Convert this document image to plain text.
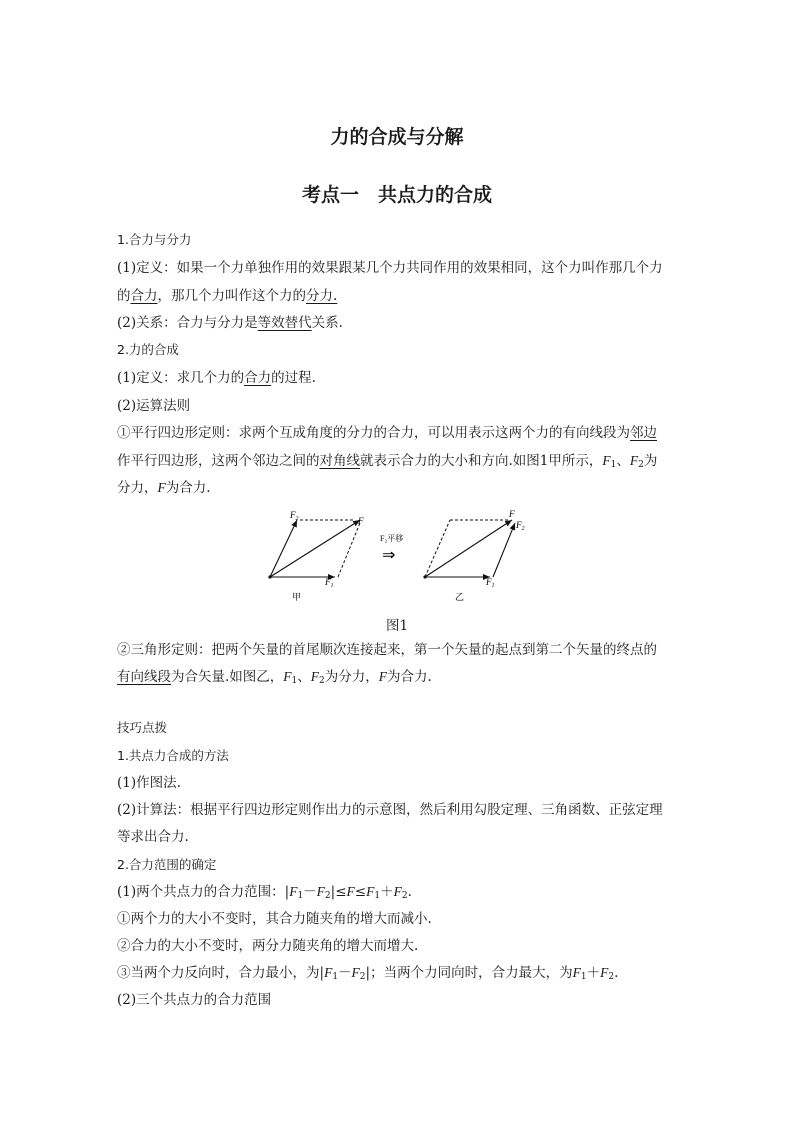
力的合成与分解
考点一　共点力的合成
1.合力与分力
(1)定义：如果一个力单独作用的效果跟某几个力共同作用的效果相同，这个力叫作那几个力
的合力，那几个力叫作这个力的分力.
(2)关系：合力与分力是等效替代关系.
2.力的合成
(1)定义：求几个力的合力的过程.
(2)运算法则
①平行四边形定则：求两个互成角度的分力的合力，可以用表示这两个力的有向线段为邻边
作平行四边形，这两个邻边之间的对角线就表示合力的大小和方向.如图1甲所示，$F_1$、$F_2$为
分力，F为合力.
$F_2$	F
$F_1$
甲
F₂平移
⇒
F
$F_2$
$F_1$
乙
图1
②三角形定则：把两个矢量的首尾顺次连接起来，第一个矢量的起点到第二个矢量的终点的
有向线段为合矢量.如图乙，$F_1$、$F_2$为分力，F为合力.
技巧点拨
1.共点力合成的方法
(1)作图法.
(2)计算法：根据平行四边形定则作出力的示意图，然后利用勾股定理、三角函数、正弦定理
等求出合力.
2.合力范围的确定
(1)两个共点力的合力范围：$|F_1-F_2|\le F\le F_1+F_2$.
①两个力的大小不变时，其合力随夹角的增大而减小.
②合力的大小不变时，两分力随夹角的增大而增大.
③当两个力反向时，合力最小，为$|F_1-F_2|$；当两个力同向时，合力最大，为$F_1+F_2$.
(2)三个共点力的合力范围
